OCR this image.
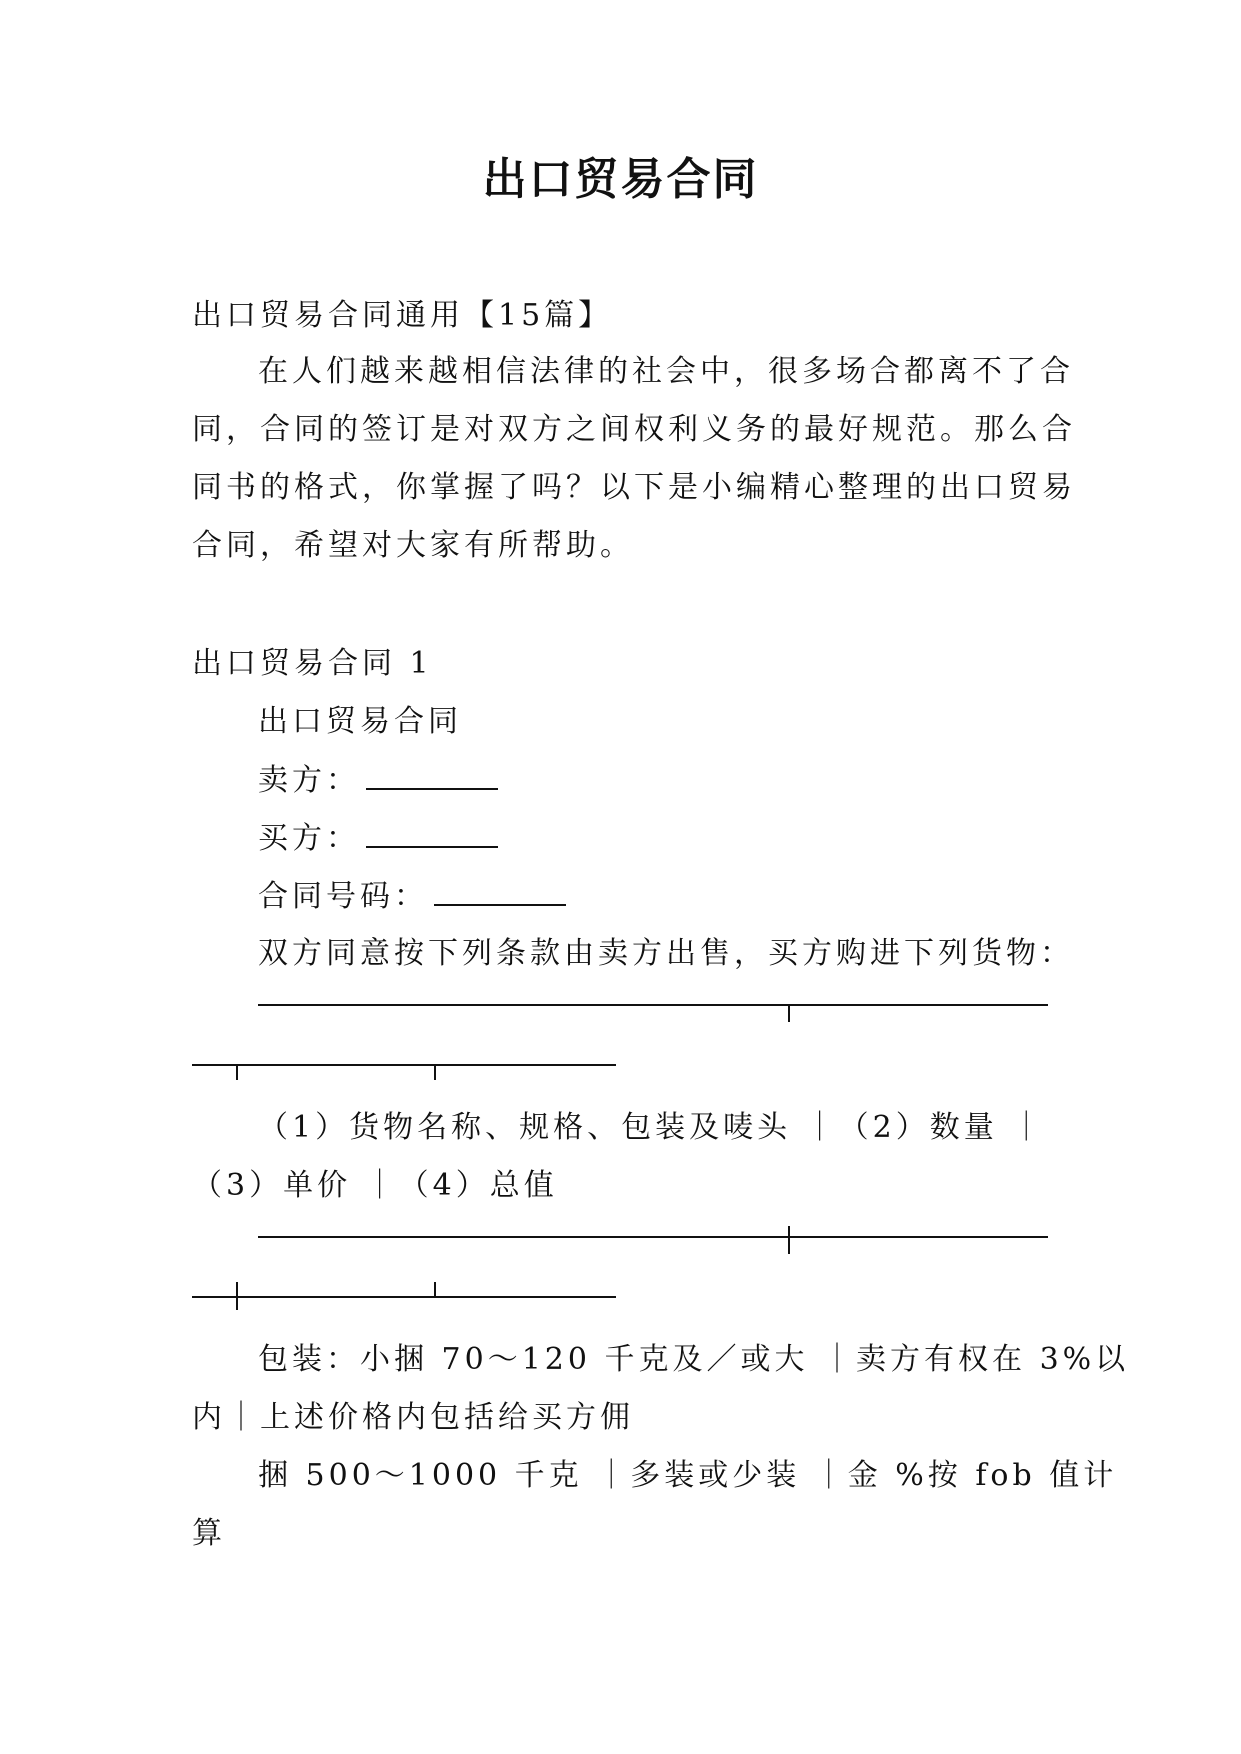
出口贸易合同
出口贸易合同通用【15篇】
在人们越来越相信法律的社会中，很多场合都离不了合
同，合同的签订是对双方之间权利义务的最好规范。那么合
同书的格式，你掌握了吗？以下是小编精心整理的出口贸易
合同，希望对大家有所帮助。
出口贸易合同 1
出口贸易合同
卖方：
买方：
合同号码：
双方同意按下列条款由卖方出售，买方购进下列货物：
（1）货物名称、规格、包装及唛头 ｜（2）数量 ｜
（3）单价 ｜（4）总值
包装：小捆 70～120 千克及／或大 ｜卖方有权在 3%以
内｜上述价格内包括给买方佣
捆 500～1000 千克 ｜多装或少装 ｜金 %按 fob 值计
算
